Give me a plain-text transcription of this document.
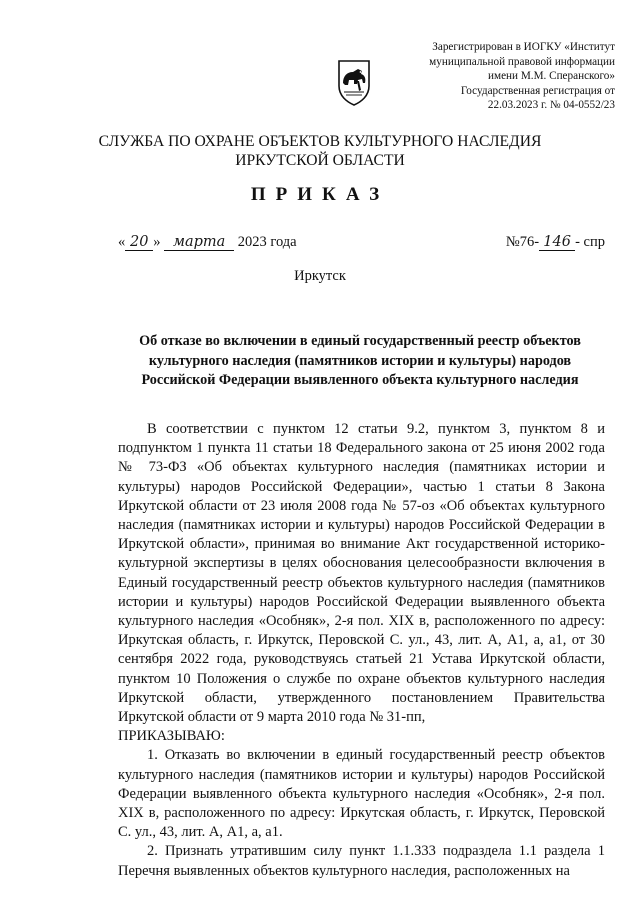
Зарегистрирован в ИОГКУ «Институт
муниципальной правовой информации
имени М.М. Сперанского»
Государственная регистрация от
22.03.2023 г. № 04-0552/23
СЛУЖБА ПО ОХРАНЕ ОБЪЕКТОВ КУЛЬТУРНОГО НАСЛЕДИЯ
ИРКУТСКОЙ ОБЛАСТИ
ПРИКАЗ
« 20 » марта 2023 года	№76- 146 - спр
Иркутск
Об отказе во включении в единый государственный реестр объектов
культурного наследия (памятников истории и культуры) народов
Российской Федерации выявленного объекта культурного наследия

В соответствии с пунктом 12 статьи 9.2, пунктом 3, пунктом 8 и подпунктом 1 пункта 11 статьи 18 Федерального закона от 25 июня 2002 года № 73-ФЗ «Об объектах культурного наследия (памятниках истории и культуры) народов Российской Федерации», частью 1 статьи 8 Закона Иркутской области от 23 июля 2008 года № 57-оз «Об объектах культурного наследия (памятниках истории и культуры) народов Российской Федерации в Иркутской области», принимая во внимание Акт государственной историко-культурной экспертизы в целях обоснования целесообразности включения в Единый государственный реестр объектов культурного наследия (памятников истории и культуры) народов Российской Федерации выявленного объекта культурного наследия «Особняк», 2-я пол. XIX в, расположенного по адресу: Иркутская область, г. Иркутск, Перовской С. ул., 43, лит. А, А1, а, а1, от 30 сентября 2022 года, руководствуясь статьей 21 Устава Иркутской области, пунктом 10 Положения о службе по охране объектов культурного наследия Иркутской области, утвержденного постановлением Правительства Иркутской области от 9 марта 2010 года № 31-пп,

ПРИКАЗЫВАЮ:

1. Отказать во включении в единый государственный реестр объектов культурного наследия (памятников истории и культуры) народов Российской Федерации выявленного объекта культурного наследия «Особняк», 2-я пол. XIX в, расположенного по адресу: Иркутская область, г. Иркутск, Перовской С. ул., 43, лит. А, А1, а, а1.

2. Признать утратившим силу пункт 1.1.333 подраздела 1.1 раздела 1 Перечня выявленных объектов культурного наследия, расположенных на
